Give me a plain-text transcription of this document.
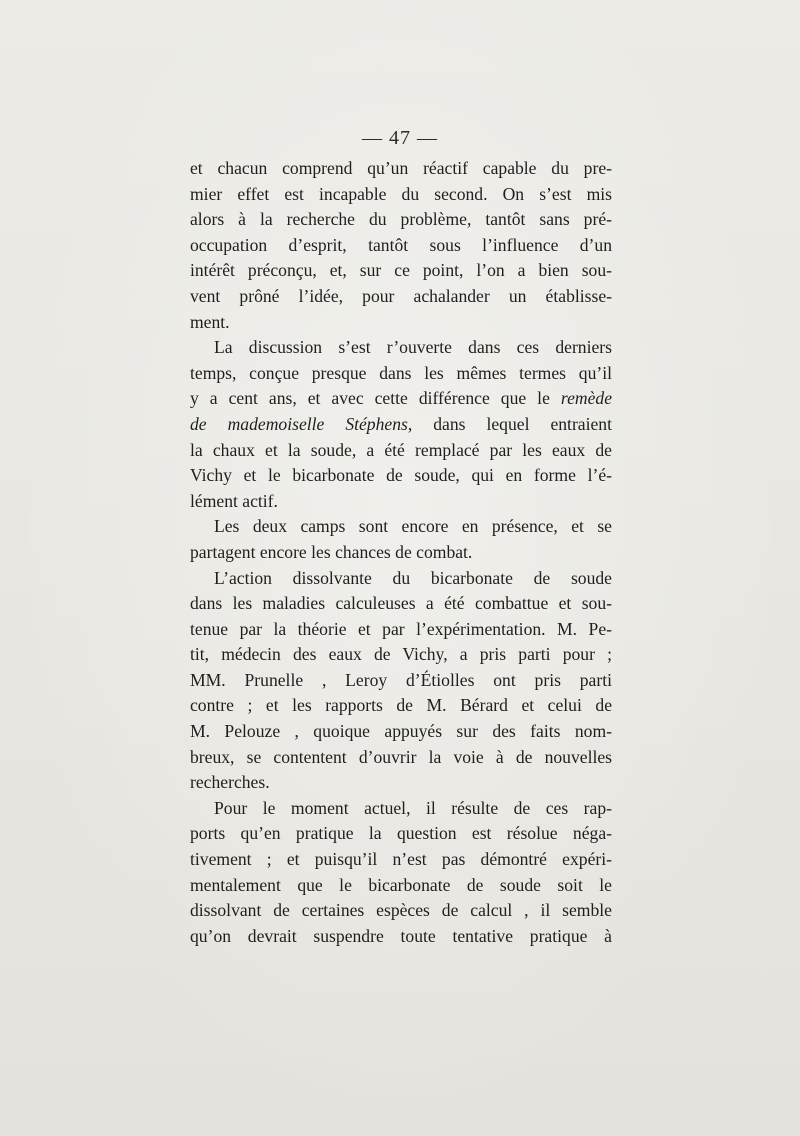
— 47 —
et chacun comprend qu’un réactif capable du pre-
mier effet est incapable du second. On s’est mis
alors à la recherche du problème, tantôt sans pré-
occupation d’esprit, tantôt sous l’influence d’un
intérêt préconçu, et, sur ce point, l’on a bien sou-
vent prôné l’idée, pour achalander un établisse-
ment.
La discussion s’est r’ouverte dans ces derniers
temps, conçue presque dans les mêmes termes qu’il
y a cent ans, et avec cette différence que le remède
de mademoiselle Stéphens, dans lequel entraient
la chaux et la soude, a été remplacé par les eaux de
Vichy et le bicarbonate de soude, qui en forme l’é-
lément actif.
Les deux camps sont encore en présence, et se
partagent encore les chances de combat.
L’action dissolvante du bicarbonate de soude
dans les maladies calculeuses a été combattue et sou-
tenue par la théorie et par l’expérimentation. M. Pe-
tit, médecin des eaux de Vichy, a pris parti pour ;
MM. Prunelle , Leroy d’Étiolles ont pris parti
contre ; et les rapports de M. Bérard et celui de
M. Pelouze , quoique appuyés sur des faits nom-
breux, se contentent d’ouvrir la voie à de nouvelles
recherches.
Pour le moment actuel, il résulte de ces rap-
ports qu’en pratique la question est résolue néga-
tivement ; et puisqu’il n’est pas démontré expéri-
mentalement que le bicarbonate de soude soit le
dissolvant de certaines espèces de calcul , il semble
qu’on devrait suspendre toute tentative pratique à
